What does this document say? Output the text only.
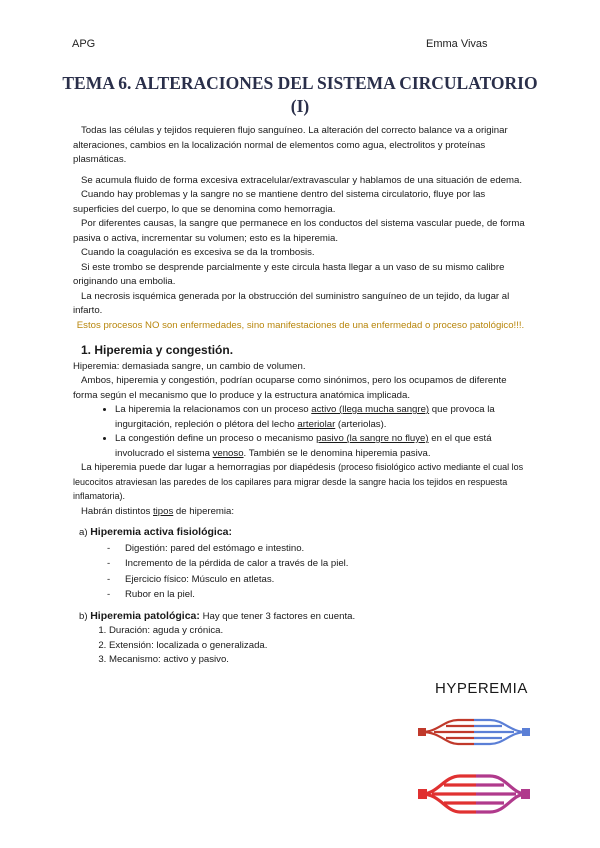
APG	Emma Vivas
TEMA 6. ALTERACIONES DEL SISTEMA CIRCULATORIO (I)

Todas las células y tejidos requieren flujo sanguíneo. La alteración del correcto balance va a originar alteraciones, cambios en la localización normal de elementos como agua, electrolitos y proteínas plasmáticas.

Se acumula fluido de forma excesiva extracelular/extravascular y hablamos de una situación de edema.

Cuando hay problemas y la sangre no se mantiene dentro del sistema circulatorio, fluye por las superficies del cuerpo, lo que se denomina como hemorragia.

Por diferentes causas, la sangre que permanece en los conductos del sistema vascular puede, de forma pasiva o activa, incrementar su volumen; esto es la hiperemia.

Cuando la coagulación es excesiva se da la trombosis.

Si este trombo se desprende parcialmente y este circula hasta llegar a un vaso de su mismo calibre originando una embolia.

La necrosis isquémica generada por la obstrucción del suministro sanguíneo de un tejido, da lugar al infarto.

Estos procesos NO son enfermedades, sino manifestaciones de una enfermedad o proceso patológico!!!.

1. Hiperemia y congestión.

Hiperemia: demasiada sangre, un cambio de volumen.

Ambos, hiperemia y congestión, podrían ocuparse como sinónimos, pero los ocupamos de diferente forma según el mecanismo que lo produce y la estructura anatómica implicada.

• La hiperemia la relacionamos con un proceso activo (llega mucha sangre) que provoca la ingurgitación, repleción o plétora del lecho arteriolar (arteriolas).
• La congestión define un proceso o mecanismo pasivo (la sangre no fluye) en el que está involucrado el sistema venoso. También se le denomina hiperemia pasiva.

La hiperemia puede dar lugar a hemorragias por diapédesis (proceso fisiológico activo mediante el cual los leucocitos atraviesan las paredes de los capilares para migrar desde la sangre hacia los tejidos en respuesta inflamatoria).

Habrán distintos tipos de hiperemia:

a) Hiperemia activa fisiológica:
- Digestión: pared del estómago e intestino.
- Incremento de la pérdida de calor a través de la piel.
- Ejercicio físico: Músculo en atletas.
- Rubor en la piel.
b) Hiperemia patológica: Hay que tener 3 factores en cuenta.
1. Duración: aguda y crónica.
2. Extensión: localizada o generalizada.
3. Mecanismo: activo y pasivo.
HYPEREMIA
